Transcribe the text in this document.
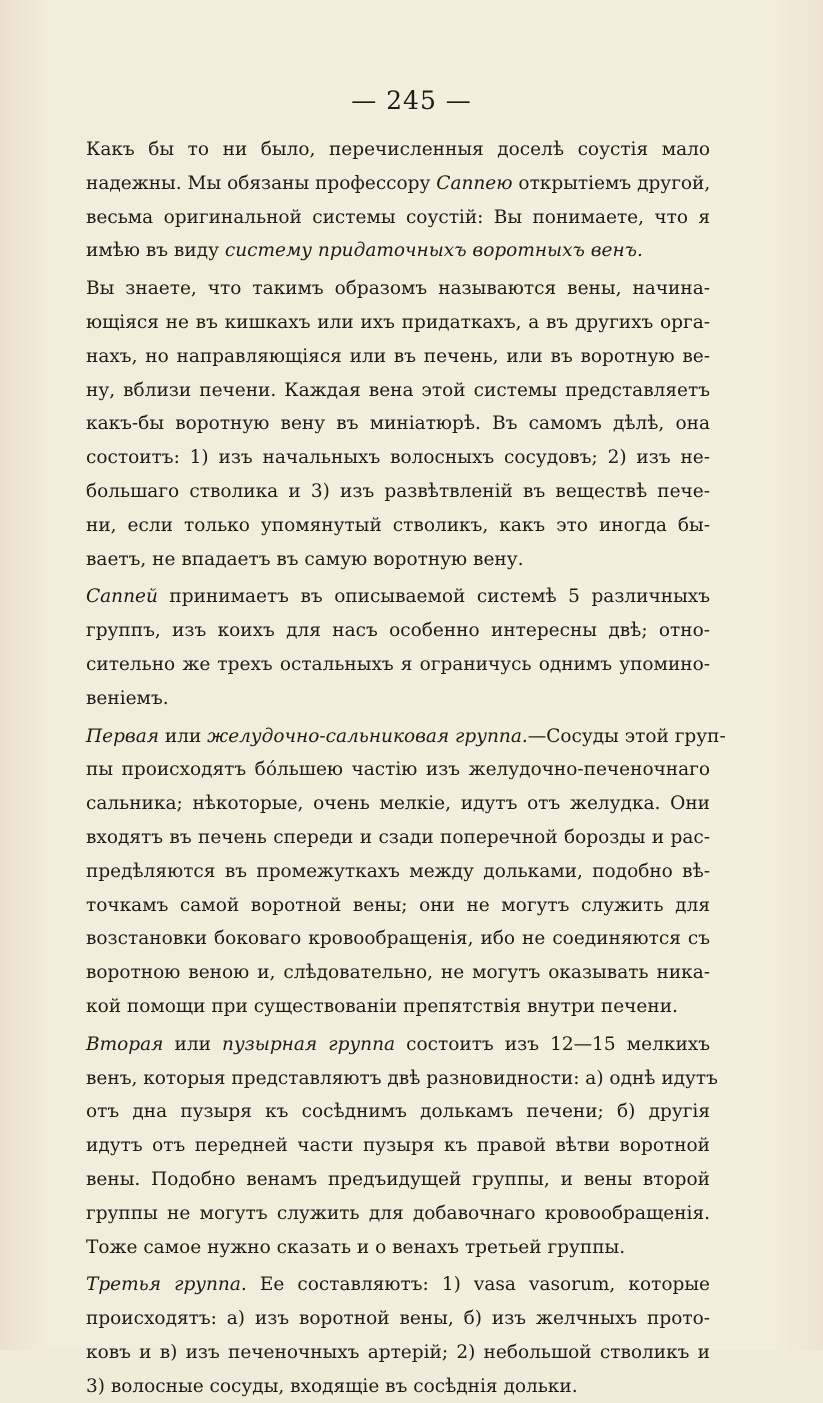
— 245 —
Какъ бы то ни было, перечисленныя доселѣ соустія мало
надежны. Мы обязаны профессору Саппею открытіемъ другой,
весьма оригинальной системы соустій: Вы понимаете, что я
имѣю въ виду систему придаточныхъ воротныхъ венъ.
Вы знаете, что такимъ образомъ называются вены, начина-
ющіяся не въ кишкахъ или ихъ придаткахъ, а въ другихъ орга-
нахъ, но направляющіяся или въ печень, или въ воротную ве-
ну, вблизи печени. Каждая вена этой системы представляетъ
какъ-бы воротную вену въ миніатюрѣ. Въ самомъ дѣлѣ, она
состоитъ: 1) изъ начальныхъ волосныхъ сосудовъ; 2) изъ не-
большаго стволика и 3) изъ развѣтвленій въ веществѣ пече-
ни, если только упомянутый стволикъ, какъ это иногда бы-
ваетъ, не впадаетъ въ самую воротную вену.
Саппей принимаетъ въ описываемой системѣ 5 различныхъ
группъ, изъ коихъ для насъ особенно интересны двѣ; отно-
сительно же трехъ остальныхъ я ограничусь однимъ упомино-
веніемъ.
Первая или желудочно-сальниковая группа.—Сосуды этой груп-
пы происходятъ бóльшею частію изъ желудочно-печеночнаго
сальника; нѣкоторые, очень мелкіе, идутъ отъ желудка. Они
входятъ въ печень спереди и сзади поперечной борозды и рас-
предѣляются въ промежуткахъ между дольками, подобно вѣ-
точкамъ самой воротной вены; они не могутъ служить для
возстановки боковаго кровообращенія, ибо не соединяются съ
воротною веною и, слѣдовательно, не могутъ оказывать ника-
кой помощи при существованіи препятствія внутри печени.
Вторая или пузырная группа состоитъ изъ 12—15 мелкихъ
венъ, которыя представляютъ двѣ разновидности: а) однѣ идутъ
отъ дна пузыря къ сосѣднимъ долькамъ печени; б) другія
идутъ отъ передней части пузыря къ правой вѣтви воротной
вены. Подобно венамъ предъидущей группы, и вены второй
группы не могутъ служить для добавочнаго кровообращенія.
Тоже самое нужно сказать и о венахъ третьей группы.
Третья группа. Ее составляютъ: 1) vasa vasorum, которые
происходятъ: а) изъ воротной вены, б) изъ желчныхъ прото-
ковъ и в) изъ печеночныхъ артерій; 2) небольшой стволикъ и
3) волосные сосуды, входящіе въ сосѣднія дольки.
